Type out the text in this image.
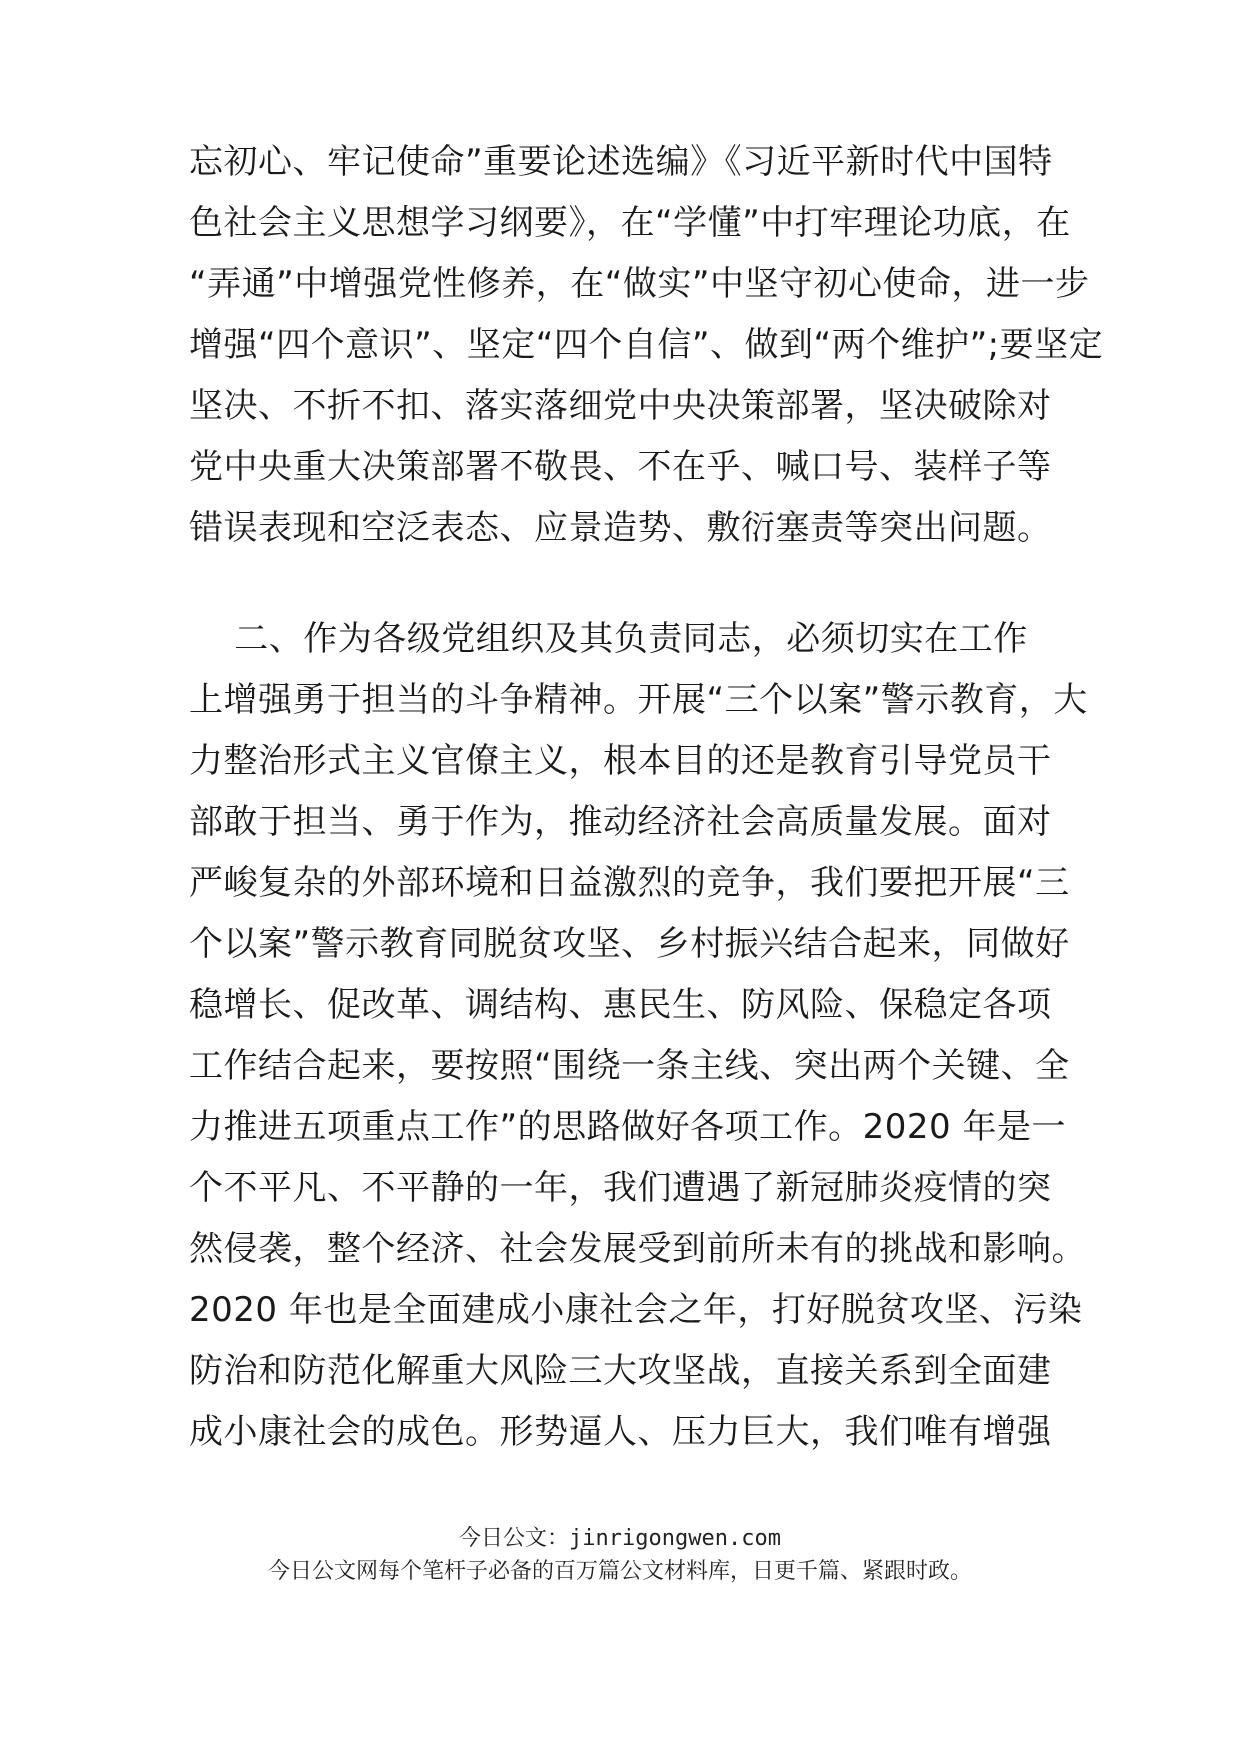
忘初心、牢记使命”重要论述选编》《习近平新时代中国特
色社会主义思想学习纲要》，在“学懂”中打牢理论功底，在
“弄通”中增强党性修养，在“做实”中坚守初心使命，进一步
增强“四个意识”、坚定“四个自信”、做到“两个维护”;要坚定
坚决、不折不扣、落实落细党中央决策部署，坚决破除对
党中央重大决策部署不敬畏、不在乎、喊口号、装样子等
错误表现和空泛表态、应景造势、敷衍塞责等突出问题。
二、作为各级党组织及其负责同志，必须切实在工作
上增强勇于担当的斗争精神。开展“三个以案”警示教育，大
力整治形式主义官僚主义，根本目的还是教育引导党员干
部敢于担当、勇于作为，推动经济社会高质量发展。面对
严峻复杂的外部环境和日益激烈的竞争，我们要把开展“三
个以案”警示教育同脱贫攻坚、乡村振兴结合起来，同做好
稳增长、促改革、调结构、惠民生、防风险、保稳定各项
工作结合起来，要按照“围绕一条主线、突出两个关键、全
力推进五项重点工作”的思路做好各项工作。2020 年是一
个不平凡、不平静的一年，我们遭遇了新冠肺炎疫情的突
然侵袭，整个经济、社会发展受到前所未有的挑战和影响。
2020 年也是全面建成小康社会之年，打好脱贫攻坚、污染
防治和防范化解重大风险三大攻坚战，直接关系到全面建
成小康社会的成色。形势逼人、压力巨大，我们唯有增强
今日公文：jinrigongwen.com
今日公文网每个笔杆子必备的百万篇公文材料库，日更千篇、紧跟时政。
